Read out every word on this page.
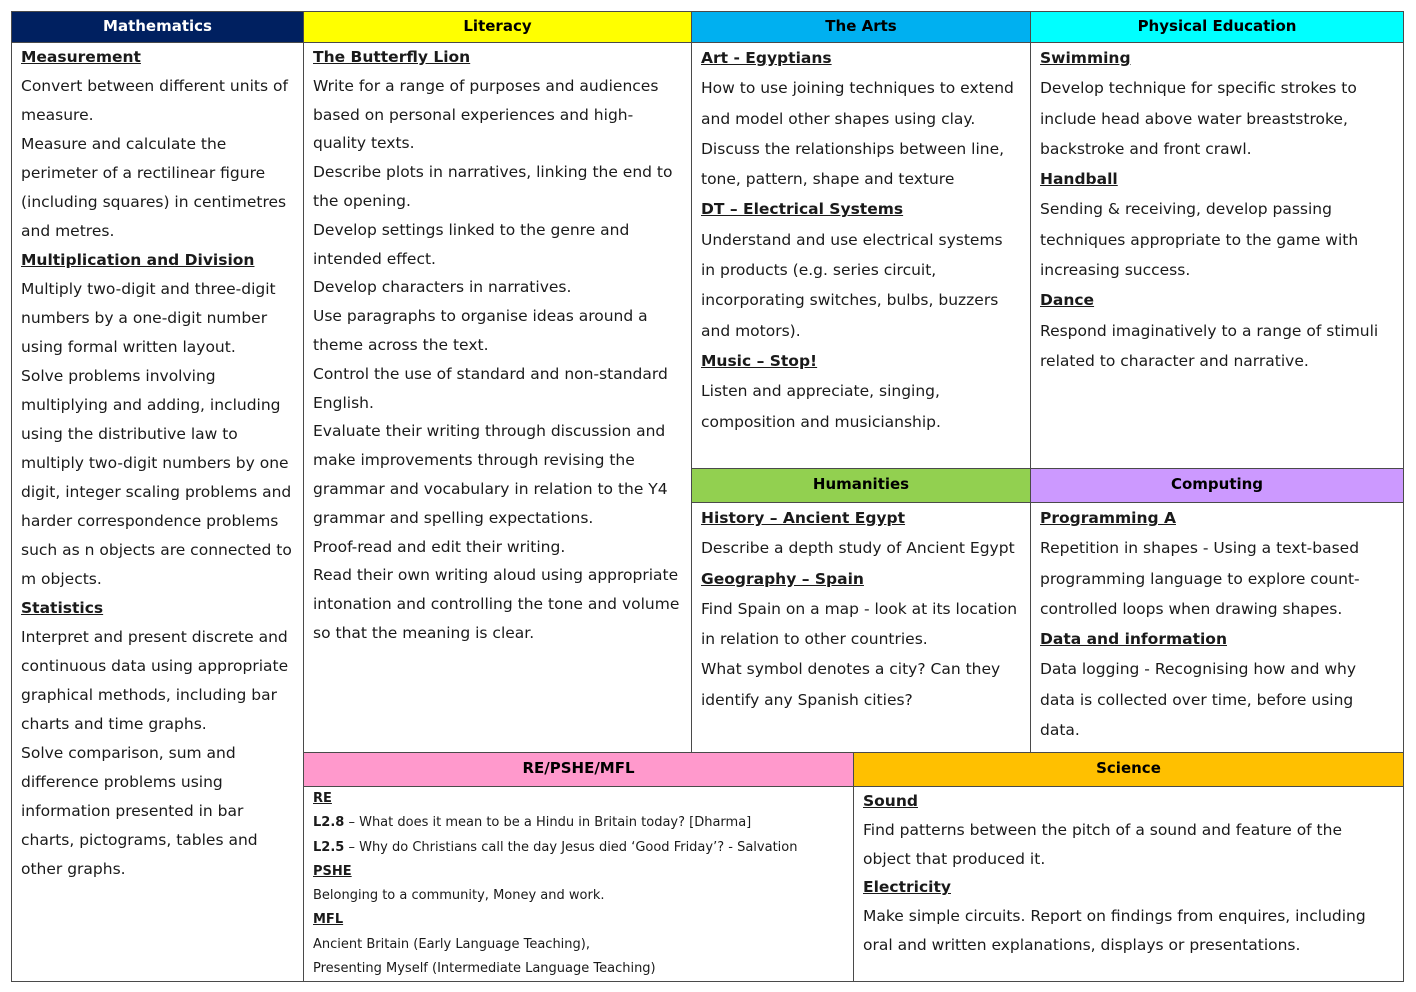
Mathematics
Measurement
Convert between different units of measure.
Measure and calculate the perimeter of a rectilinear figure (including squares) in centimetres and metres.
Multiplication and Division
Multiply two-digit and three-digit numbers by a one-digit number using formal written layout.
Solve problems involving multiplying and adding, including using the distributive law to multiply two-digit numbers by one digit, integer scaling problems and harder correspondence problems such as n objects are connected to m objects.
Statistics
Interpret and present discrete and continuous data using appropriate graphical methods, including bar charts and time graphs.
Solve comparison, sum and difference problems using information presented in bar charts, pictograms, tables and other graphs.
Literacy
The Butterfly Lion
Write for a range of purposes and audiences based on personal experiences and high-quality texts.
Describe plots in narratives, linking the end to the opening.
Develop settings linked to the genre and intended effect.
Develop characters in narratives.
Use paragraphs to organise ideas around a theme across the text.
Control the use of standard and non-standard English.
Evaluate their writing through discussion and make improvements through revising the grammar and vocabulary in relation to the Y4 grammar and spelling expectations.
Proof-read and edit their writing.
Read their own writing aloud using appropriate intonation and controlling the tone and volume so that the meaning is clear.
The Arts
Art - Egyptians
How to use joining techniques to extend and model other shapes using clay.
Discuss the relationships between line, tone, pattern, shape and texture
DT – Electrical Systems
Understand and use electrical systems in products (e.g. series circuit, incorporating switches, bulbs, buzzers and motors).
Music – Stop!
Listen and appreciate, singing, composition and musicianship.
Physical Education
Swimming
Develop technique for specific strokes to include head above water breaststroke, backstroke and front crawl.
Handball
Sending & receiving, develop passing techniques appropriate to the game with increasing success.
Dance
Respond imaginatively to a range of stimuli related to character and narrative.
Humanities
History – Ancient Egypt
Describe a depth study of Ancient Egypt
Geography – Spain
Find Spain on a map - look at its location in relation to other countries.
What symbol denotes a city? Can they identify any Spanish cities?
Computing
Programming A
Repetition in shapes - Using a text-based programming language to explore count-controlled loops when drawing shapes.
Data and information
Data logging - Recognising how and why data is collected over time, before using data.
RE/PSHE/MFL
RE
L2.8 – What does it mean to be a Hindu in Britain today? [Dharma]
L2.5 – Why do Christians call the day Jesus died ‘Good Friday’? - Salvation
PSHE
Belonging to a community, Money and work.
MFL
Ancient Britain (Early Language Teaching),
Presenting Myself (Intermediate Language Teaching)
Science
Sound
Find patterns between the pitch of a sound and feature of the object that produced it.
Electricity
Make simple circuits. Report on findings from enquires, including oral and written explanations, displays or presentations.
